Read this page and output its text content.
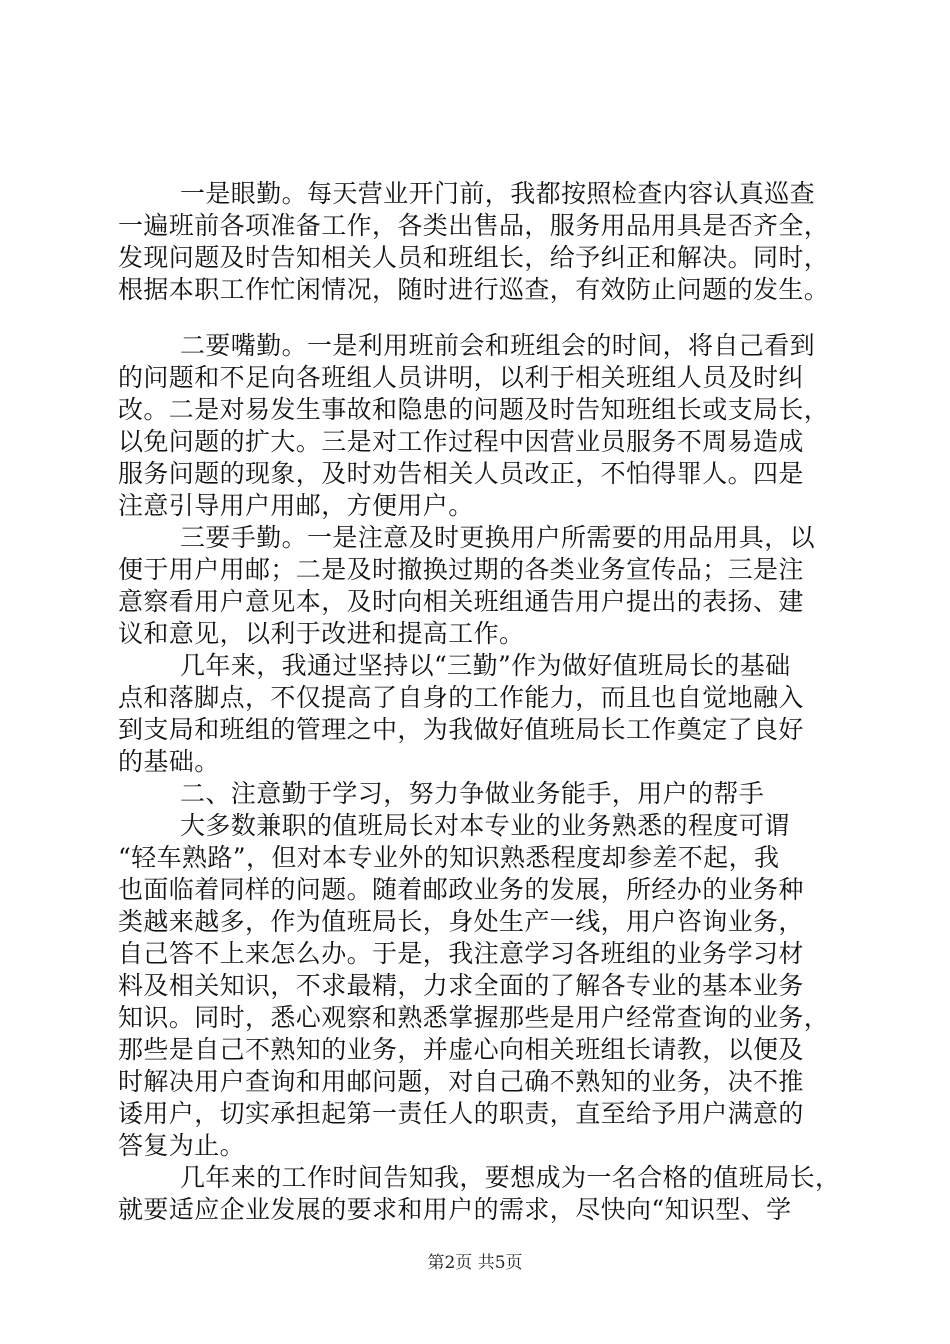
一是眼勤。每天营业开门前，我都按照检查内容认真巡查
一遍班前各项准备工作，各类出售品，服务用品用具是否齐全，
发现问题及时告知相关人员和班组长，给予纠正和解决。同时，
根据本职工作忙闲情况，随时进行巡查，有效防止问题的发生。
二要嘴勤。一是利用班前会和班组会的时间，将自己看到
的问题和不足向各班组人员讲明，以利于相关班组人员及时纠
改。二是对易发生事故和隐患的问题及时告知班组长或支局长，
以免问题的扩大。三是对工作过程中因营业员服务不周易造成
服务问题的现象，及时劝告相关人员改正，不怕得罪人。四是
注意引导用户用邮，方便用户。
三要手勤。一是注意及时更换用户所需要的用品用具，以
便于用户用邮；二是及时撤换过期的各类业务宣传品；三是注
意察看用户意见本，及时向相关班组通告用户提出的表扬、建
议和意见，以利于改进和提高工作。
几年来，我通过坚持以“三勤”作为做好值班局长的基础
点和落脚点，不仅提高了自身的工作能力，而且也自觉地融入
到支局和班组的管理之中，为我做好值班局长工作奠定了良好
的基础。
二、注意勤于学习，努力争做业务能手，用户的帮手
大多数兼职的值班局长对本专业的业务熟悉的程度可谓
“轻车熟路”，但对本专业外的知识熟悉程度却参差不起，我
也面临着同样的问题。随着邮政业务的发展，所经办的业务种
类越来越多，作为值班局长，身处生产一线，用户咨询业务，
自己答不上来怎么办。于是，我注意学习各班组的业务学习材
料及相关知识，不求最精，力求全面的了解各专业的基本业务
知识。同时，悉心观察和熟悉掌握那些是用户经常查询的业务，
那些是自己不熟知的业务，并虚心向相关班组长请教，以便及
时解决用户查询和用邮问题，对自己确不熟知的业务，决不推
诿用户，切实承担起第一责任人的职责，直至给予用户满意的
答复为止。
几年来的工作时间告知我，要想成为一名合格的值班局长，
就要适应企业发展的要求和用户的需求，尽快向“知识型、学
第2页 共5页
